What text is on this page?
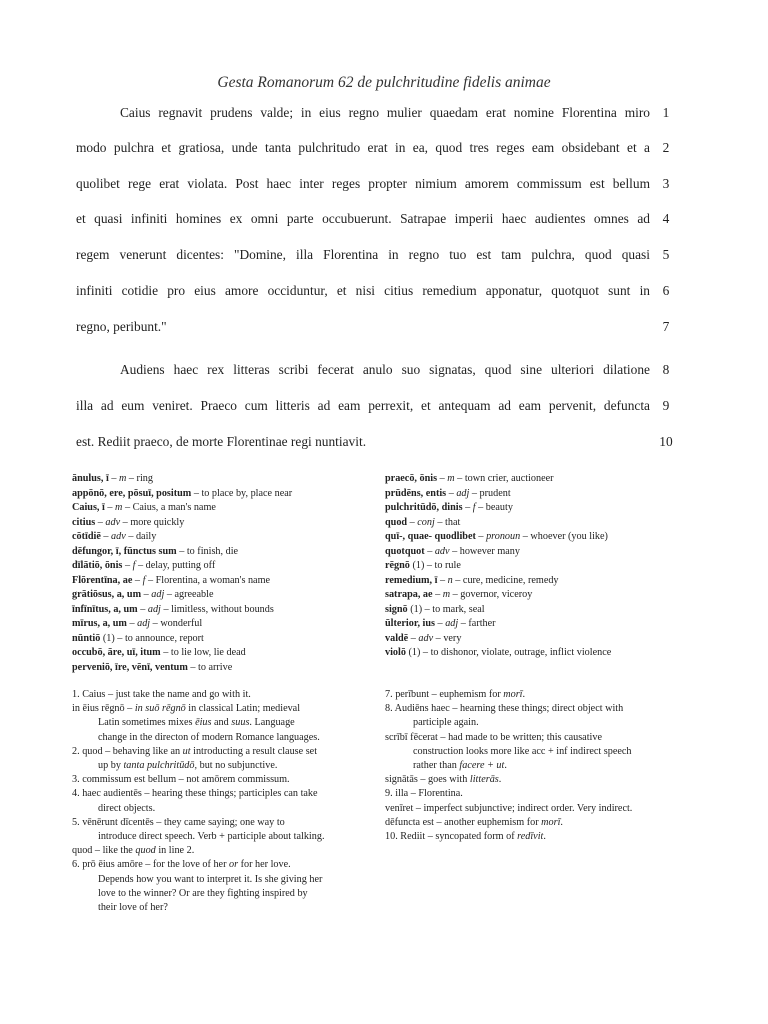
Gesta Romanorum 62 de pulchritudine fidelis animae
Caius regnavit prudens valde; in eius regno mulier quaedam erat nomine Florentina miro 1
modo pulchra et gratiosa, unde tanta pulchritudo erat in ea, quod tres reges eam obsidebant et a 2
quolibet rege erat violata. Post haec inter reges propter nimium amorem commissum est bellum 3
et quasi infiniti homines ex omni parte occubuerunt. Satrapae imperii haec audientes omnes ad 4
regem venerunt dicentes: "Domine, illa Florentina in regno tuo est tam pulchra, quod quasi 5
infiniti cotidie pro eius amore occiduntur, et nisi citius remedium apponatur, quotquot sunt in 6
regno, peribunt."	7
Audiens haec rex litteras scribi fecerat anulo suo signatas, quod sine ulteriori dilatione 8
illa ad eum veniret. Praeco cum litteris ad eam perrexit, et antequam ad eam pervenit, defuncta 9
est. Rediit praeco, de morte Florentinae regi nuntiavit.	10
ānulus, ī – m – ring
appōnō, ere, pōsuī, positum – to place by, place near
Caius, ī – m – Caius, a man's name
citius – adv – more quickly
cōtīdiē – adv – daily
dēfungor, ī, fūnctus sum – to finish, die
dīlātiō, ōnis – f – delay, putting off
Flōrentīna, ae – f – Florentina, a woman's name
grātiōsus, a, um – adj – agreeable
īnfīnītus, a, um – adj – limitless, without bounds
mīrus, a, um – adj – wonderful
nūntiō (1) – to announce, report
occubō, āre, uī, itum – to lie low, lie dead
perveniō, īre, vēnī, ventum – to arrive
praecō, ōnis – m – town crier, auctioneer
prūdēns, entis – adj – prudent
pulchritūdō, dinis – f – beauty
quod – conj – that
quī-, quae- quodlibet – pronoun – whoever (you like)
quotquot – adv – however many
rēgnō (1) – to rule
remedium, ī – n – cure, medicine, remedy
satrapa, ae – m – governor, viceroy
signō (1) – to mark, seal
ūlterior, ius – adj – farther
valdē – adv – very
violō (1) – to dishonor, violate, outrage, inflict violence
1. Caius – just take the name and go with it.
in ēius rēgnō – in suō rēgnō in classical Latin; medieval
Latin sometimes mixes ēius and suus. Language
change in the directon of modern Romance languages.
2. quod – behaving like an ut introducting a result clause set
up by tanta pulchritūdō, but no subjunctive.
3. commissum est bellum – not amōrem commissum.
4. haec audientēs – hearing these things; participles can take
direct objects.
5. vēnērunt dīcentēs – they came saying; one way to
introduce direct speech. Verb + participle about talking.
quod – like the quod in line 2.
6. prō ēius amōre – for the love of her or for her love.
Depends how you want to interpret it. Is she giving her
love to the winner? Or are they fighting inspired by
their love of her?
7. perībunt – euphemism for morī.
8. Audiēns haec – hearning these things; direct object with
participle again.
scrībī fēcerat – had made to be written; this causative
construction looks more like acc + inf indirect speech
rather than facere + ut.
signātās – goes with litterās.
9. illa – Florentina.
venīret – imperfect subjunctive; indirect order. Very indirect.
dēfuncta est – another euphemism for morī.
10. Rediit – syncopated form of redīvit.
